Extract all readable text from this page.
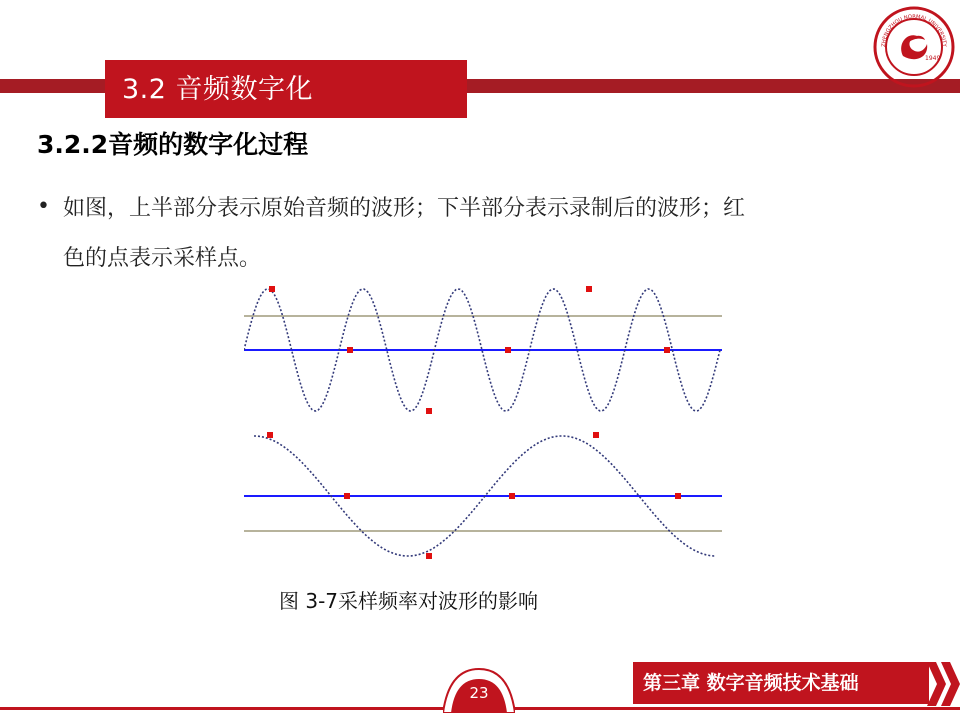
3.2 音频数字化
1949
ZHENGZHOU NORMAL UNIVERSITY
3.2.2音频的数字化过程
• 如图，上半部分表示原始音频的波形；下半部分表示录制后的波形；红
色的点表示采样点。
图 3-7采样频率对波形的影响
23	第三章 数字音频技术基础
